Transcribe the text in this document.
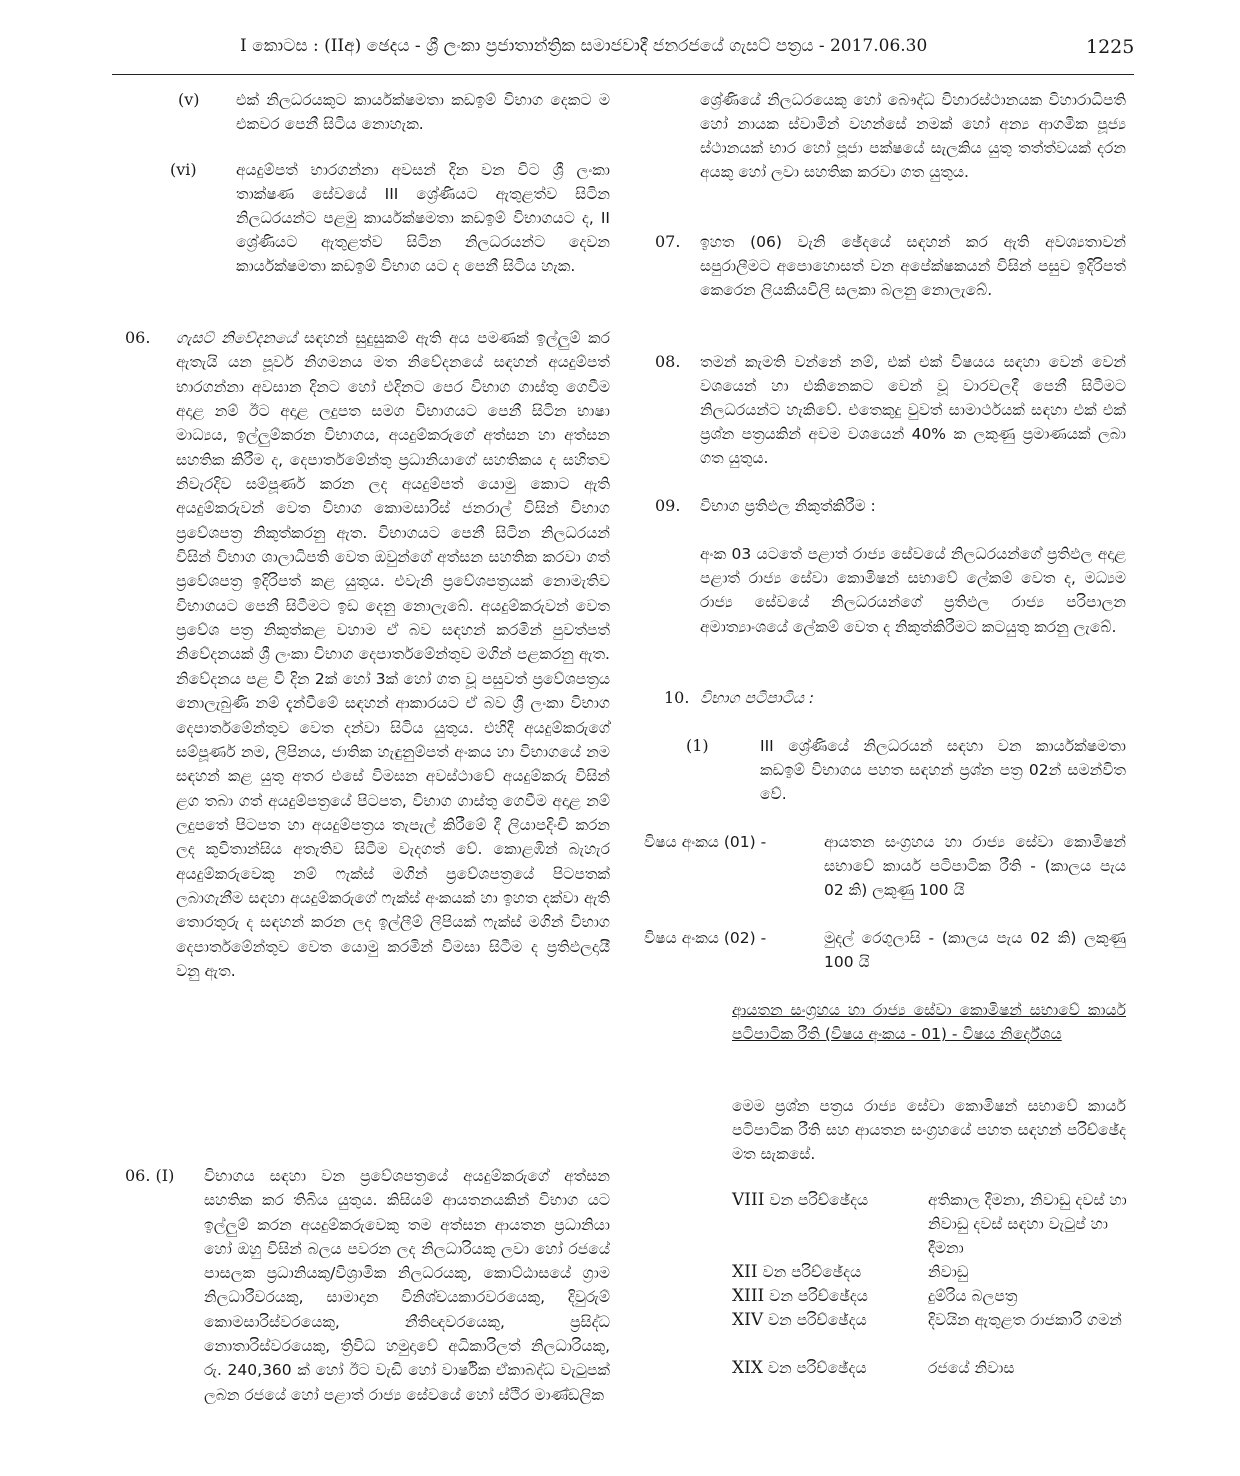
I කොටස : (IIඅ) ඡෙදය - ශ්‍රී ලංකා ප්‍රජාතාන්ත්‍රික සමාජවාදී ජනරජයේ ගැසට් පත්‍රය - 2017.06.30	1225
(v) එක් නිලධරයකුට කාර්යක්ෂමතා කඩඉම් විභාග දෙකට ම එකවර පෙනී සිටිය නොහැක.
(vi)	අයදුම්පත් භාරගන්නා අවසන් දින වන විට ශ්‍රී ලංකා තාක්ෂණ සේවයේ III ශ්‍රේණියට ඇතුළත්ව සිටින නිලධරයන්ට පළමු කාර්යක්ෂමතා කඩඉම් විභාගයට ද, II ශ්‍රේණියට ඇතුළත්ව සිටින නිලධරයන්ට දෙවන කාර්යක්ෂමතා කඩඉම් විභාග යට ද පෙනී සිටිය හැක.
06. ගැසට් නිවේදනයේ සඳහන් සුදුසුකම් ඇති අය පමණක් ඉල්ලුම් කර ඇතැයි යන පූර්ව නිගමනය මත නිවේදනයේ සඳහන් අයදුම්පත් භාරගන්නා අවසාන දිනට හෝ එදිනට පෙර විභාග ගාස්තු ගෙවීම අදාළ නම් ඊට අදාළ ලදුපත සමග විභාගයට පෙනී සිටින භාෂා මාධ්‍යය, ඉල්ලුම්කරන විභාගය, අයදුම්කරුගේ අත්සන හා අත්සන සහතික කිරීම ද, දෙපාර්තමේන්තු ප්‍රධානියාගේ සහතිකය ද සහිතව නිවැරදිව සම්පූර්ණ කරන ලද අයදුම්පත් යොමු කොට ඇති අයදුම්කරුවන් වෙත විභාග කොමසාරිස් ජනරාල් විසින් විභාග ප්‍රවේශපත්‍ර නිකුත්කරනු ඇත. විභාගයට පෙනී සිටින නිලධරයන් විසින් විභාග ශාලාධිපති වෙත ඔවුන්ගේ අත්සන සහතික කරවා ගත් ප්‍රවේශපත්‍ර ඉදිරිපත් කළ යුතුය. එවැනි ප්‍රවේශපත්‍රයක් නොමැතිව විභාගයට පෙනී සිටීමට ඉඩ දෙනු නොලැබේ. අයදුම්කරුවන් වෙත ප්‍රවේශ පත්‍ර නිකුත්කළ වහාම ඒ බව සඳහන් කරමින් පුවත්පත් නිවේදනයක් ශ්‍රී ලංකා විභාග දෙපාර්තමේන්තුව මගින් පළකරනු ඇත. නිවේදනය පළ වී දින 2ක් හෝ 3ක් හෝ ගත වූ පසුවත් ප්‍රවේශපත්‍රය නොලැබුණි නම් දැන්වීමේ සඳහන් ආකාරයට ඒ බව ශ්‍රී ලංකා විභාග දෙපාර්තමේන්තුව වෙත දන්වා සිටිය යුතුය. එහිදී අයදුම්කරුගේ සම්පූර්ණ නම, ලිපිනය, ජාතික හැඳුනුම්පත් අංකය හා විභාගයේ නම සඳහන් කළ යුතු අතර එසේ විමසන අවස්ථාවේ අයදුම්කරු විසින් ළග තබා ගත් අයදුම්පත්‍රයේ පිටපත, විභාග ගාස්තු ගෙවීම අදාළ නම් ලදුපතේ පිටපත හා අයදුම්පත්‍රය තැපැල් කිරීමේ දී ලියාපදිංචි කරන ලද කුවිතාන්සිය අතැතිව සිටීම වැදගත් වේ. කොළඹින් බැහැර අයදුම්කරුවෙකු නම් ෆැක්ස් මගින් ප්‍රවේශපත්‍රයේ පිටපතක් ලබාගැනීම සඳහා අයදුම්කරුගේ ෆැක්ස් අංකයක් හා ඉහත දක්වා ඇති තොරතුරු ද සඳහන් කරන ලද ඉල්ලීම් ලිපියක් ෆැක්ස් මගින් විභාග දෙපාර්තමේන්තුව වෙත යොමු කරමින් විමසා සිටීම ද ප්‍රතිඵලදායී වනු ඇත.
06. (I) විභාගය සඳහා වන ප්‍රවේශපත්‍රයේ අයදුම්කරුගේ අත්සන සහතික කර තිබිය යුතුය. කිසියම් ආයතනයකින් විභාග යට ඉල්ලුම් කරන අයදුම්කරුවෙකු තම අත්සන ආයතන ප්‍රධානියා හෝ ඔහු විසින් බලය පවරන ලද නිලධාරියකු ලවා හෝ රජයේ පාසලක ප්‍රධානියකු/විශ්‍රාමික නිලධරයකු, කොට්ඨාසයේ ග්‍රාම නිලධාරීවරයකු, සාමාදාන විනිශ්චයකාරවරයෙකු, දිවුරුම් කොමසාරිස්වරයෙකු, නීතිඥවරයෙකු, ප්‍රසිද්ධ නොතාරිස්වරයෙකු, ත්‍රිවිධ හමුදාවේ අධිකාරිලත් නිලධාරියකු, රු. 240,360 ක් හෝ ඊට වැඩි හෝ වාර්ෂික ඒකාබද්ධ වැටුපක් ලබන රජයේ හෝ පළාත් රාජ්‍ය සේවයේ හෝ ස්ථිර මාණ්ඩලික
ශ්‍රේණියේ නිලධරයෙකු හෝ බෞද්ධ විහාරස්ථානයක විහාරාධිපති හෝ නායක ස්වාමින් වහන්සේ නමක් හෝ අන්‍ය ආගමික පූජ්‍ය ස්ථානයක් භාර හෝ පූජා පක්ෂයේ සැලකිය යුතු තත්ත්වයක් දරන අයකු හෝ ලවා සහතික කරවා ගත යුතුය.
07. ඉහත (06) වැනි ඡේදයේ සඳහන් කර ඇති අවශ්‍යතාවන් සපුරාලීමට අපොහොසත් වන අපේක්ෂකයන් විසින් පසුව ඉදිරිපත් කෙරෙන ලියකියවිලි සලකා බලනු නොලැබේ.
08. තමන් කැමති වන්නේ නම්, එක් එක් විෂයය සඳහා වෙන් වෙන් වශයෙන් හා එකිනෙකට වෙන් වූ වාරවලදී පෙනී සිටීමට නිලධරයන්ට හැකිවේ. එතෙකුදු වුවත් සාමාර්ථයක් සඳහා එක් එක් ප්‍රශ්න පත්‍රයකින් අවම වශයෙන් 40% ක ලකුණු ප්‍රමාණයක් ලබා ගත යුතුය.
09. විභාග ප්‍රතිඵල නිකුත්කිරීම :
අංක 03 යටතේ පළාත් රාජ්‍ය සේවයේ නිලධරයන්ගේ ප්‍රතිඵල අදාළ පළාත් රාජ්‍ය සේවා කොමිෂන් සභාවේ ලේකම් වෙත ද, මධ්‍යම රාජ්‍ය සේවයේ නිලධරයන්ගේ ප්‍රතිඵල රාජ්‍ය පරිපාලන අමාත්‍යාංශයේ ලේකම් වෙත ද නිකුත්කිරීමට කටයුතු කරනු ලැබේ.
10. විභාග පටිපාටිය :
(1)	III ශ්‍රේණියේ නිලධරයන් සඳහා වන කාර්යක්ෂමතා කඩඉම් විභාගය පහත සඳහන් ප්‍රශ්න පත්‍ර 02න් සමන්විත වේ.
විෂය අංකය (01) -	ආයතන සංග්‍රහය හා රාජ්‍ය සේවා කොමිෂන් සභාවේ කාර්ය පටිපාටික රීති - (කාලය පැය 02 කි) ලකුණු 100 යි
විෂය අංකය (02) -	මුදල් රෙගුලාසි - (කාලය පැය 02 කි) ලකුණු 100 යි
ආයතන සංග්‍රහය හා රාජ්‍ය සේවා කොමිෂන් සභාවේ කාර්ය පටිපාටික රීති (විෂය අංකය - 01) - විෂය නිර්දේශය
මෙම ප්‍රශ්න පත්‍රය රාජ්‍ය සේවා කොමිෂන් සභාවේ කාර්ය පටිපාටික රීති සහ ආයතන සංග්‍රහයේ පහත සඳහන් පරිච්ඡේද මත සැකසේ.
VIII වන පරිච්ඡේදය	අතිකාල දීමනා, නිවාඩු දවස් හා නිවාඩු දවස් සඳහා වැටුප් හා දීමනා
XII වන පරිච්ඡේදය	නිවාඩු
XIII වන පරිච්ඡේදය	දුම්රිය බලපත්‍ර
XIV වන පරිච්ඡේදය	දිවයින ඇතුළත රාජකාරි ගමන්
XIX වන පරිච්ඡේදය	රජයේ නිවාස
